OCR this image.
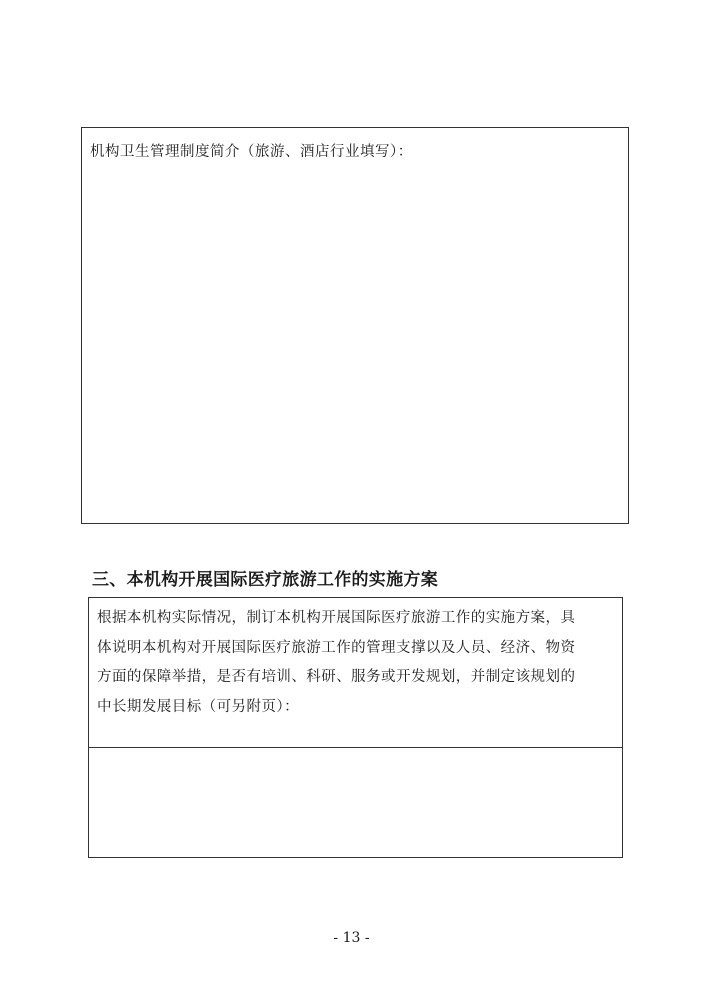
机构卫生管理制度简介（旅游、酒店行业填写）：
三、本机构开展国际医疗旅游工作的实施方案
根据本机构实际情况，制订本机构开展国际医疗旅游工作的实施方案，具
体说明本机构对开展国际医疗旅游工作的管理支撑以及人员、经济、物资
方面的保障举措，是否有培训、科研、服务或开发规划，并制定该规划的
中长期发展目标（可另附页）：
- 13 -
